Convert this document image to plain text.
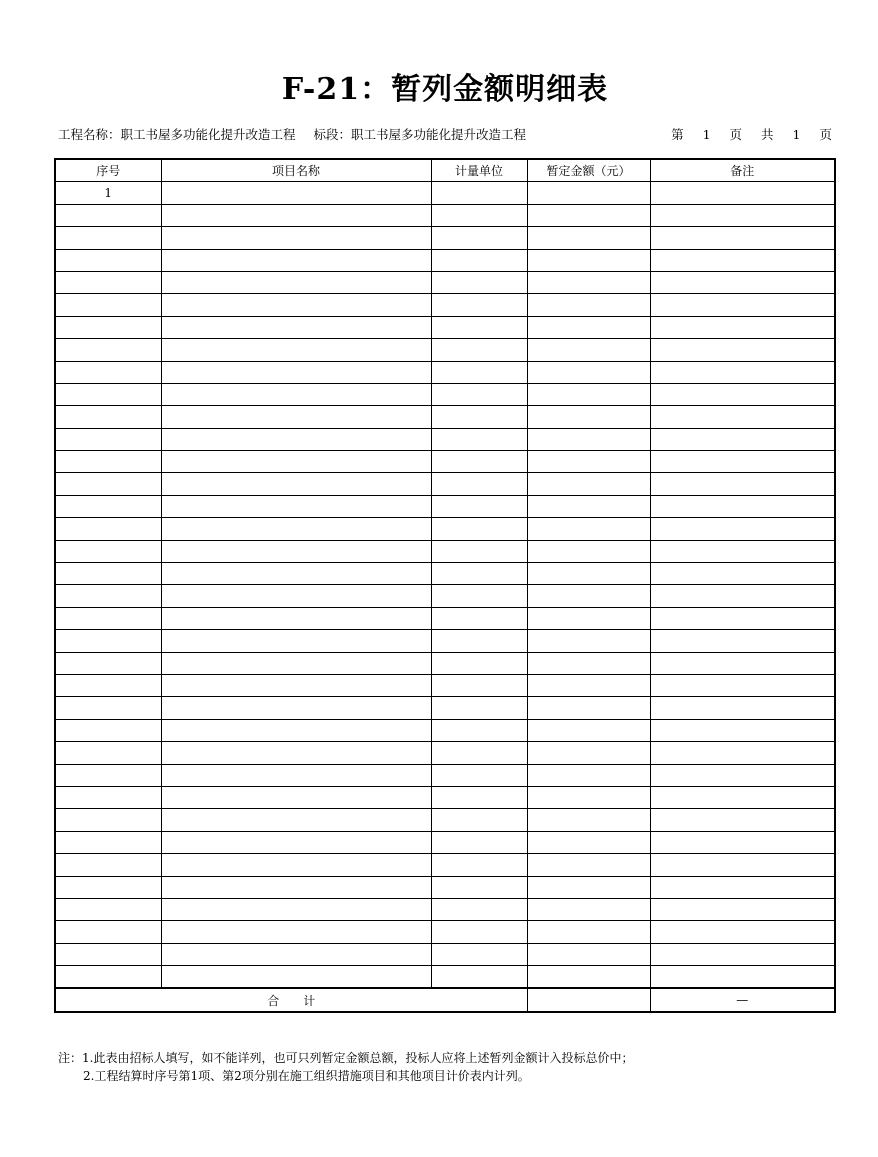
F-21：暂列金额明细表
工程名称：职工书屋多功能化提升改造工程 标段：职工书屋多功能化提升改造工程	第 1 页 共 1 页
序号	项目名称	计量单位	暂定金额（元）	备注
1				

合　　计				—
注：1.此表由招标人填写，如不能详列，也可只列暂定金额总额，投标人应将上述暂列金额计入投标总价中；
2.工程结算时序号第1项、第2项分别在施工组织措施项目和其他项目计价表内计列。
